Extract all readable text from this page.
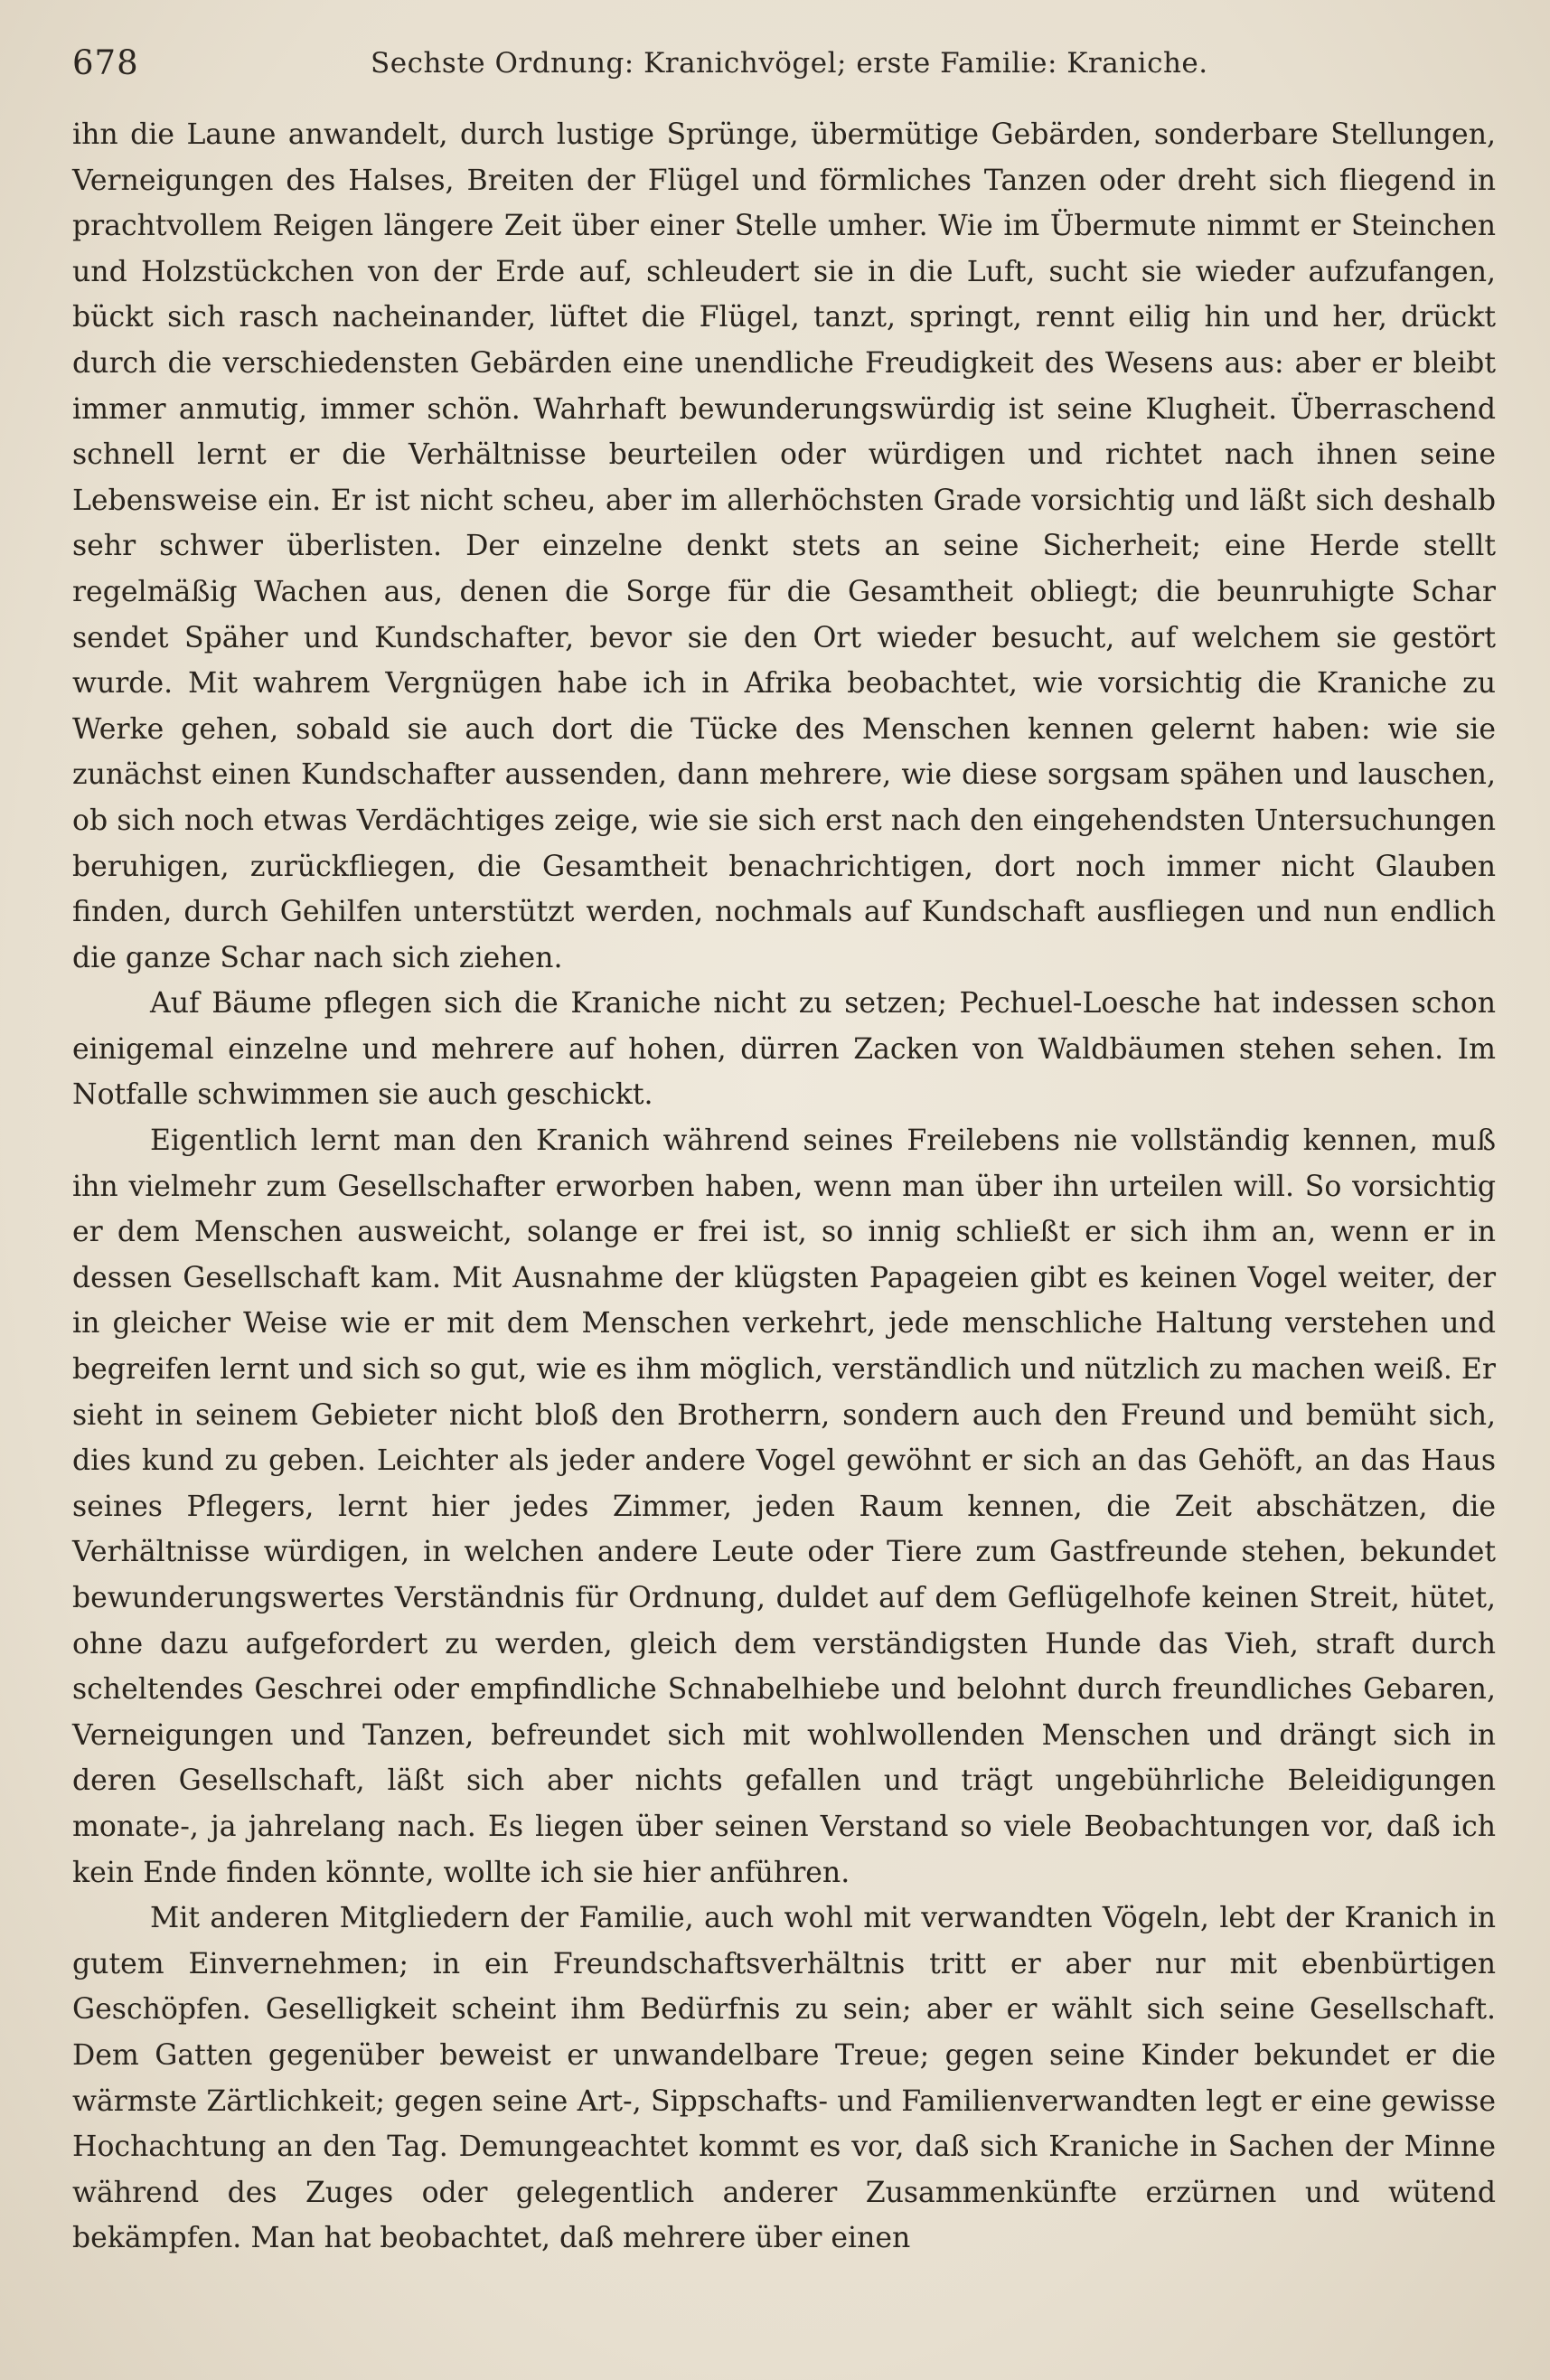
678	Sechste Ordnung: Kranichvögel; erste Familie: Kraniche.

ihn die Laune anwandelt, durch lustige Sprünge, übermütige Gebärden, sonderbare Stellungen, Verneigungen des Halses, Breiten der Flügel und förmliches Tanzen oder dreht sich fliegend in prachtvollem Reigen längere Zeit über einer Stelle umher. Wie im Übermute nimmt er Steinchen und Holzstückchen von der Erde auf, schleudert sie in die Luft, sucht sie wieder aufzufangen, bückt sich rasch nacheinander, lüftet die Flügel, tanzt, springt, rennt eilig hin und her, drückt durch die verschiedensten Gebärden eine unendliche Freudigkeit des Wesens aus: aber er bleibt immer anmutig, immer schön. Wahrhaft bewunderungswürdig ist seine Klugheit. Überraschend schnell lernt er die Verhältnisse beurteilen oder würdigen und richtet nach ihnen seine Lebensweise ein. Er ist nicht scheu, aber im allerhöchsten Grade vorsichtig und läßt sich deshalb sehr schwer überlisten. Der einzelne denkt stets an seine Sicherheit; eine Herde stellt regelmäßig Wachen aus, denen die Sorge für die Gesamtheit obliegt; die beunruhigte Schar sendet Späher und Kundschafter, bevor sie den Ort wieder besucht, auf welchem sie gestört wurde. Mit wahrem Vergnügen habe ich in Afrika beobachtet, wie vorsichtig die Kraniche zu Werke gehen, sobald sie auch dort die Tücke des Menschen kennen gelernt haben: wie sie zunächst einen Kundschafter aussenden, dann mehrere, wie diese sorgsam spähen und lauschen, ob sich noch etwas Verdächtiges zeige, wie sie sich erst nach den eingehendsten Untersuchungen beruhigen, zurückfliegen, die Gesamtheit benachrichtigen, dort noch immer nicht Glauben finden, durch Gehilfen unterstützt werden, nochmals auf Kundschaft ausfliegen und nun endlich die ganze Schar nach sich ziehen.

Auf Bäume pflegen sich die Kraniche nicht zu setzen; Pechuel-Loesche hat indessen schon einigemal einzelne und mehrere auf hohen, dürren Zacken von Waldbäumen stehen sehen. Im Notfalle schwimmen sie auch geschickt.

Eigentlich lernt man den Kranich während seines Freilebens nie vollständig kennen, muß ihn vielmehr zum Gesellschafter erworben haben, wenn man über ihn urteilen will. So vorsichtig er dem Menschen ausweicht, solange er frei ist, so innig schließt er sich ihm an, wenn er in dessen Gesellschaft kam. Mit Ausnahme der klügsten Papageien gibt es keinen Vogel weiter, der in gleicher Weise wie er mit dem Menschen verkehrt, jede menschliche Haltung verstehen und begreifen lernt und sich so gut, wie es ihm möglich, verständlich und nützlich zu machen weiß. Er sieht in seinem Gebieter nicht bloß den Brotherrn, sondern auch den Freund und bemüht sich, dies kund zu geben. Leichter als jeder andere Vogel gewöhnt er sich an das Gehöft, an das Haus seines Pflegers, lernt hier jedes Zimmer, jeden Raum kennen, die Zeit abschätzen, die Verhältnisse würdigen, in welchen andere Leute oder Tiere zum Gastfreunde stehen, bekundet bewunderungswertes Verständnis für Ordnung, duldet auf dem Geflügelhofe keinen Streit, hütet, ohne dazu aufgefordert zu werden, gleich dem verständigsten Hunde das Vieh, straft durch scheltendes Geschrei oder empfindliche Schnabelhiebe und belohnt durch freundliches Gebaren, Verneigungen und Tanzen, befreundet sich mit wohlwollenden Menschen und drängt sich in deren Gesellschaft, läßt sich aber nichts gefallen und trägt ungebührliche Beleidigungen monate-, ja jahrelang nach. Es liegen über seinen Verstand so viele Beobachtungen vor, daß ich kein Ende finden könnte, wollte ich sie hier anführen.

Mit anderen Mitgliedern der Familie, auch wohl mit verwandten Vögeln, lebt der Kranich in gutem Einvernehmen; in ein Freundschaftsverhältnis tritt er aber nur mit ebenbürtigen Geschöpfen. Geselligkeit scheint ihm Bedürfnis zu sein; aber er wählt sich seine Gesellschaft. Dem Gatten gegenüber beweist er unwandelbare Treue; gegen seine Kinder bekundet er die wärmste Zärtlichkeit; gegen seine Art-, Sippschafts- und Familienverwandten legt er eine gewisse Hochachtung an den Tag. Demungeachtet kommt es vor, daß sich Kraniche in Sachen der Minne während des Zuges oder gelegentlich anderer Zusammenkünfte erzürnen und wütend bekämpfen. Man hat beobachtet, daß mehrere über einen
